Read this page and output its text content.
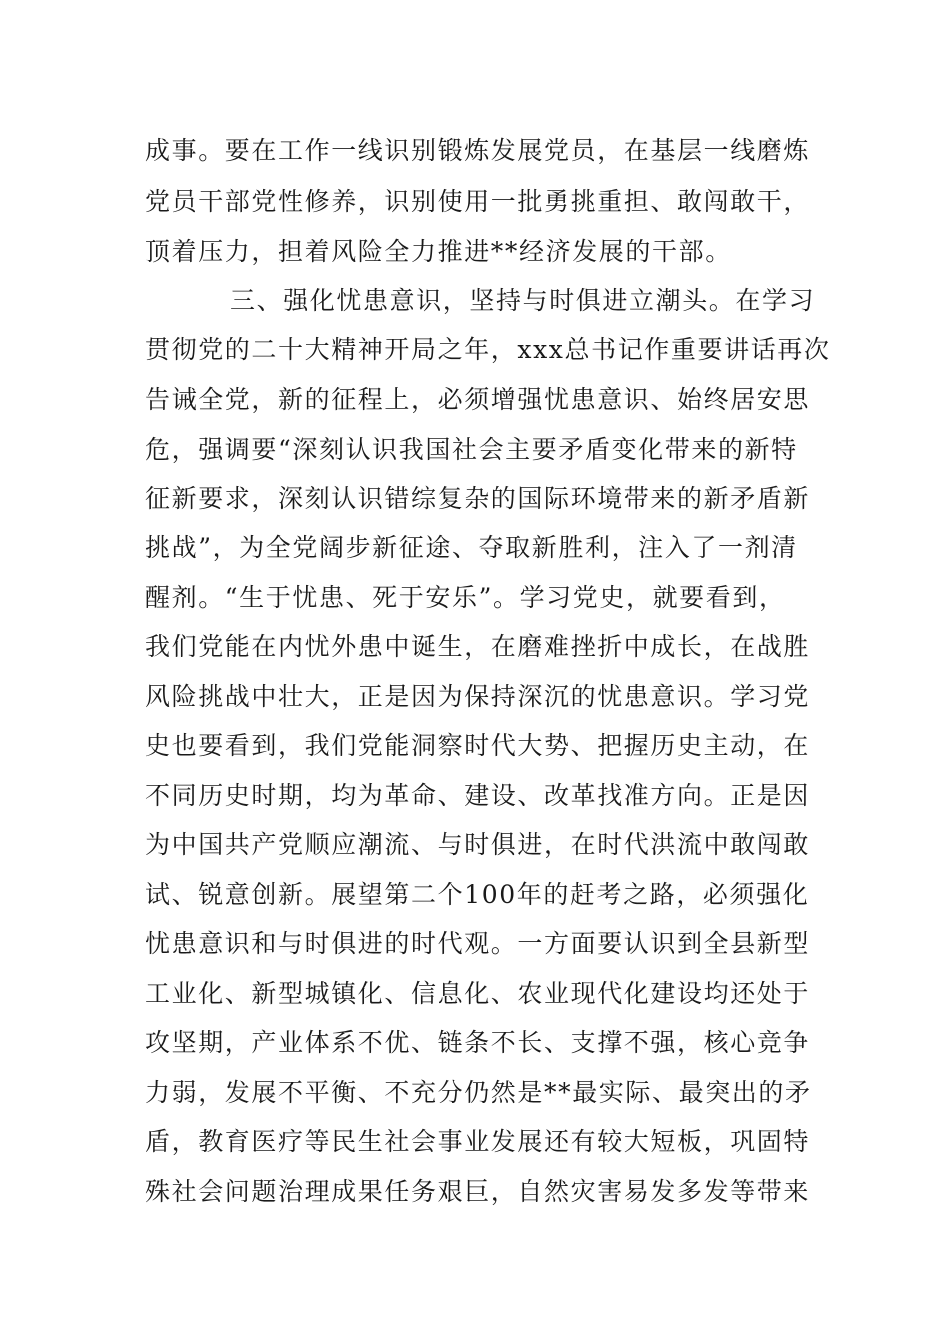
成事。要在工作一线识别锻炼发展党员，在基层一线磨炼
党员干部党性修养，识别使用一批勇挑重担、敢闯敢干，
顶着压力，担着风险全力推进**经济发展的干部。
三、强化忧患意识，坚持与时俱进立潮头。在学习
贯彻党的二十大精神开局之年，xxx总书记作重要讲话再次
告诫全党，新的征程上，必须增强忧患意识、始终居安思
危，强调要“深刻认识我国社会主要矛盾变化带来的新特
征新要求，深刻认识错综复杂的国际环境带来的新矛盾新
挑战”，为全党阔步新征途、夺取新胜利，注入了一剂清
醒剂。“生于忧患、死于安乐”。学习党史，就要看到，
我们党能在内忧外患中诞生，在磨难挫折中成长，在战胜
风险挑战中壮大，正是因为保持深沉的忧患意识。学习党
史也要看到，我们党能洞察时代大势、把握历史主动，在
不同历史时期，均为革命、建设、改革找准方向。正是因
为中国共产党顺应潮流、与时俱进，在时代洪流中敢闯敢
试、锐意创新。展望第二个100年的赶考之路，必须强化
忧患意识和与时俱进的时代观。一方面要认识到全县新型
工业化、新型城镇化、信息化、农业现代化建设均还处于
攻坚期，产业体系不优、链条不长、支撑不强，核心竞争
力弱，发展不平衡、不充分仍然是**最实际、最突出的矛
盾，教育医疗等民生社会事业发展还有较大短板，巩固特
殊社会问题治理成果任务艰巨，自然灾害易发多发等带来
